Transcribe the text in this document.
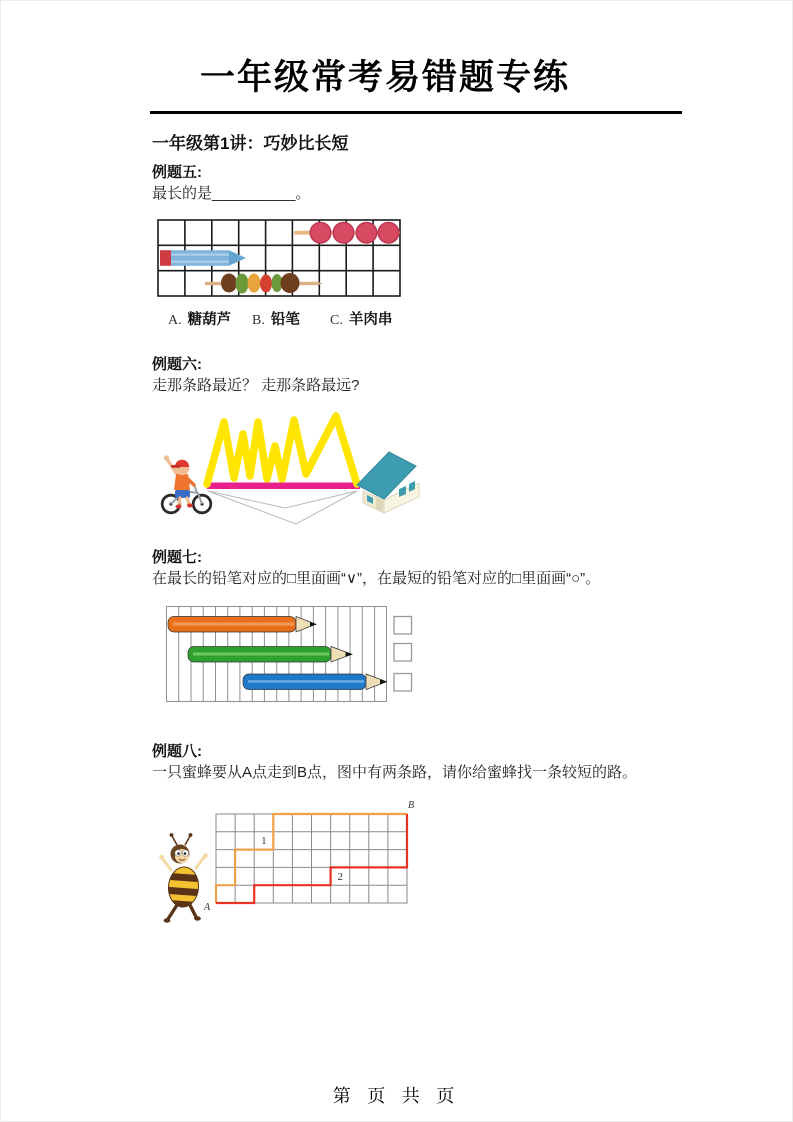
一年级常考易错题专练
一年级第1讲：巧妙比长短
例题五:
最长的是__________。
A. 糖葫芦 B. 铅笔 C. 羊肉串
例题六:
走那条路最近？ 走那条路最远?
例题七:
在最长的铅笔对应的□里面画“∨”，在最短的铅笔对应的□里面画“○”。
例题八:
一只蜜蜂要从A点走到B点，图中有两条路，请你给蜜蜂找一条较短的路。
1
2
A
B
第 页 共 页
